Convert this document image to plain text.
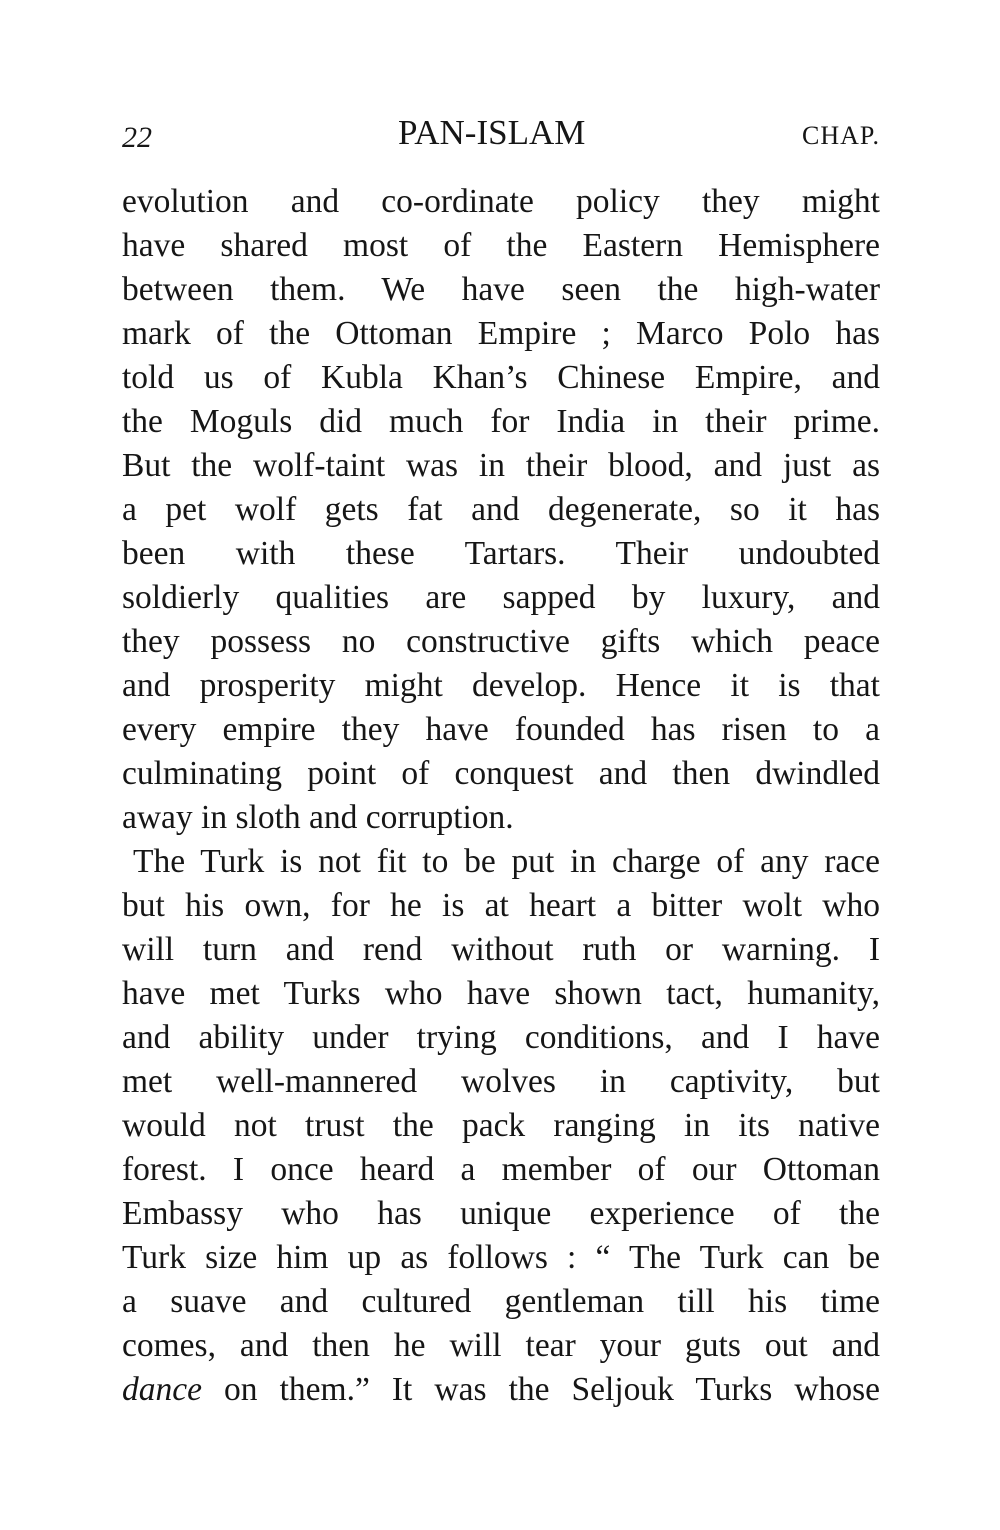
22	PAN-ISLAM	CHAP.
evolution and co-ordinate policy they might
have shared most of the Eastern Hemisphere
between them. We have seen the high-water
mark of the Ottoman Empire ; Marco Polo has
told us of Kubla Khan’s Chinese Empire, and
the Moguls did much for India in their prime.
But the wolf-taint was in their blood, and just as
a pet wolf gets fat and degenerate, so it has
been with these Tartars. Their undoubted
soldierly qualities are sapped by luxury, and
they possess no constructive gifts which peace
and prosperity might develop. Hence it is that
every empire they have founded has risen to a
culminating point of conquest and then dwindled
away in sloth and corruption.
The Turk is not fit to be put in charge of any race
but his own, for he is at heart a bitter wolt who
will turn and rend without ruth or warning. I
have met Turks who have shown tact, humanity,
and ability under trying conditions, and I have
met well-mannered wolves in captivity, but
would not trust the pack ranging in its native
forest. I once heard a member of our Ottoman
Embassy who has unique experience of the
Turk size him up as follows : “ The Turk can be
a suave and cultured gentleman till his time
comes, and then he will tear your guts out and
dance on them.” It was the Seljouk Turks whose
